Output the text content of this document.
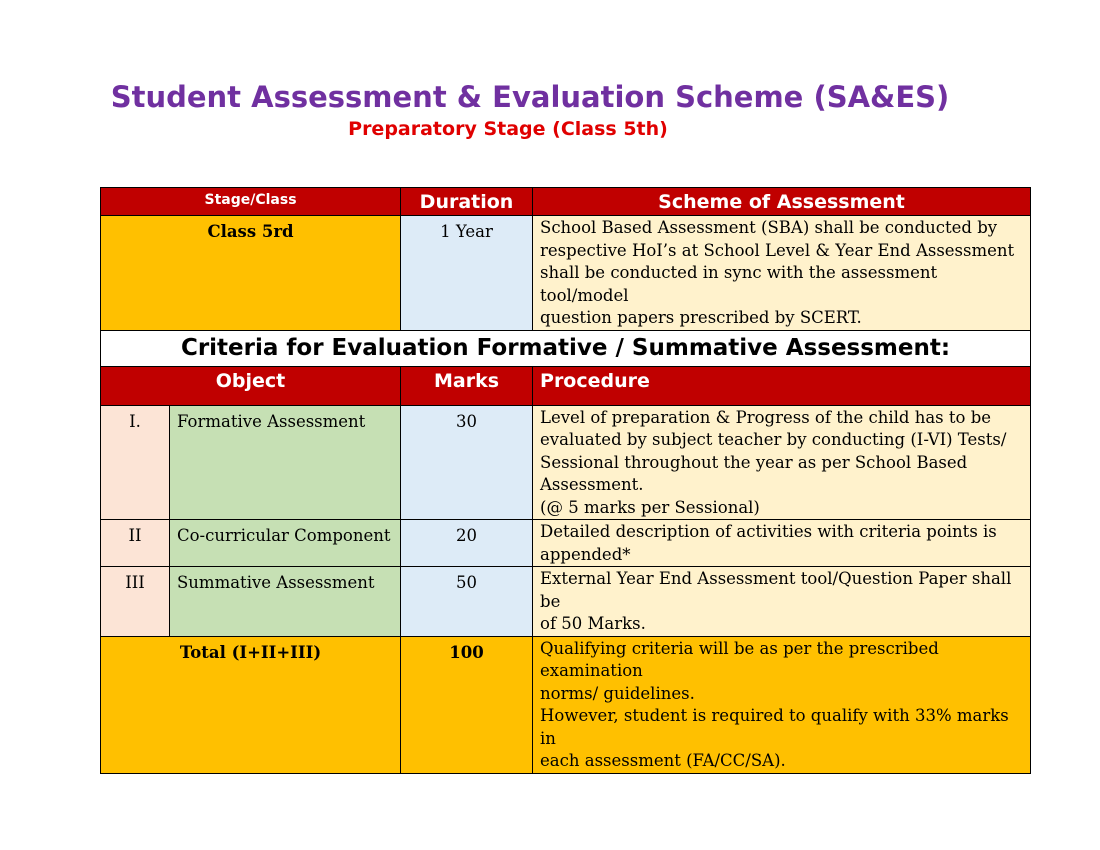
Student Assessment & Evaluation Scheme (SA&ES)
Preparatory Stage (Class 5th)
Stage/Class		Duration	Scheme of Assessment
Class 5rd		1 Year	School Based Assessment (SBA) shall be conducted by
respective HoI’s at School Level & Year End Assessment
shall be conducted in sync with the assessment tool/model
question papers prescribed by SCERT.

Criteria for Evaluation Formative / Summative Assessment:			
Object		Marks	Procedure
I.	Formative Assessment	30	Level of preparation & Progress of the child has to be
evaluated by subject teacher by conducting (I-VI) Tests/
Sessional throughout the year as per School Based
Assessment.
(@ 5 marks per Sessional)

II	Co-curricular Component	20	Detailed description of activities with criteria points is
appended*

III	Summative Assessment	50	External Year End Assessment tool/Question Paper shall be
of 50 Marks.

Total (I+II+III)		100	Qualifying criteria will be as per the prescribed examination
norms/ guidelines.
However, student is required to qualify with 33% marks in
each assessment (FA/CC/SA).
